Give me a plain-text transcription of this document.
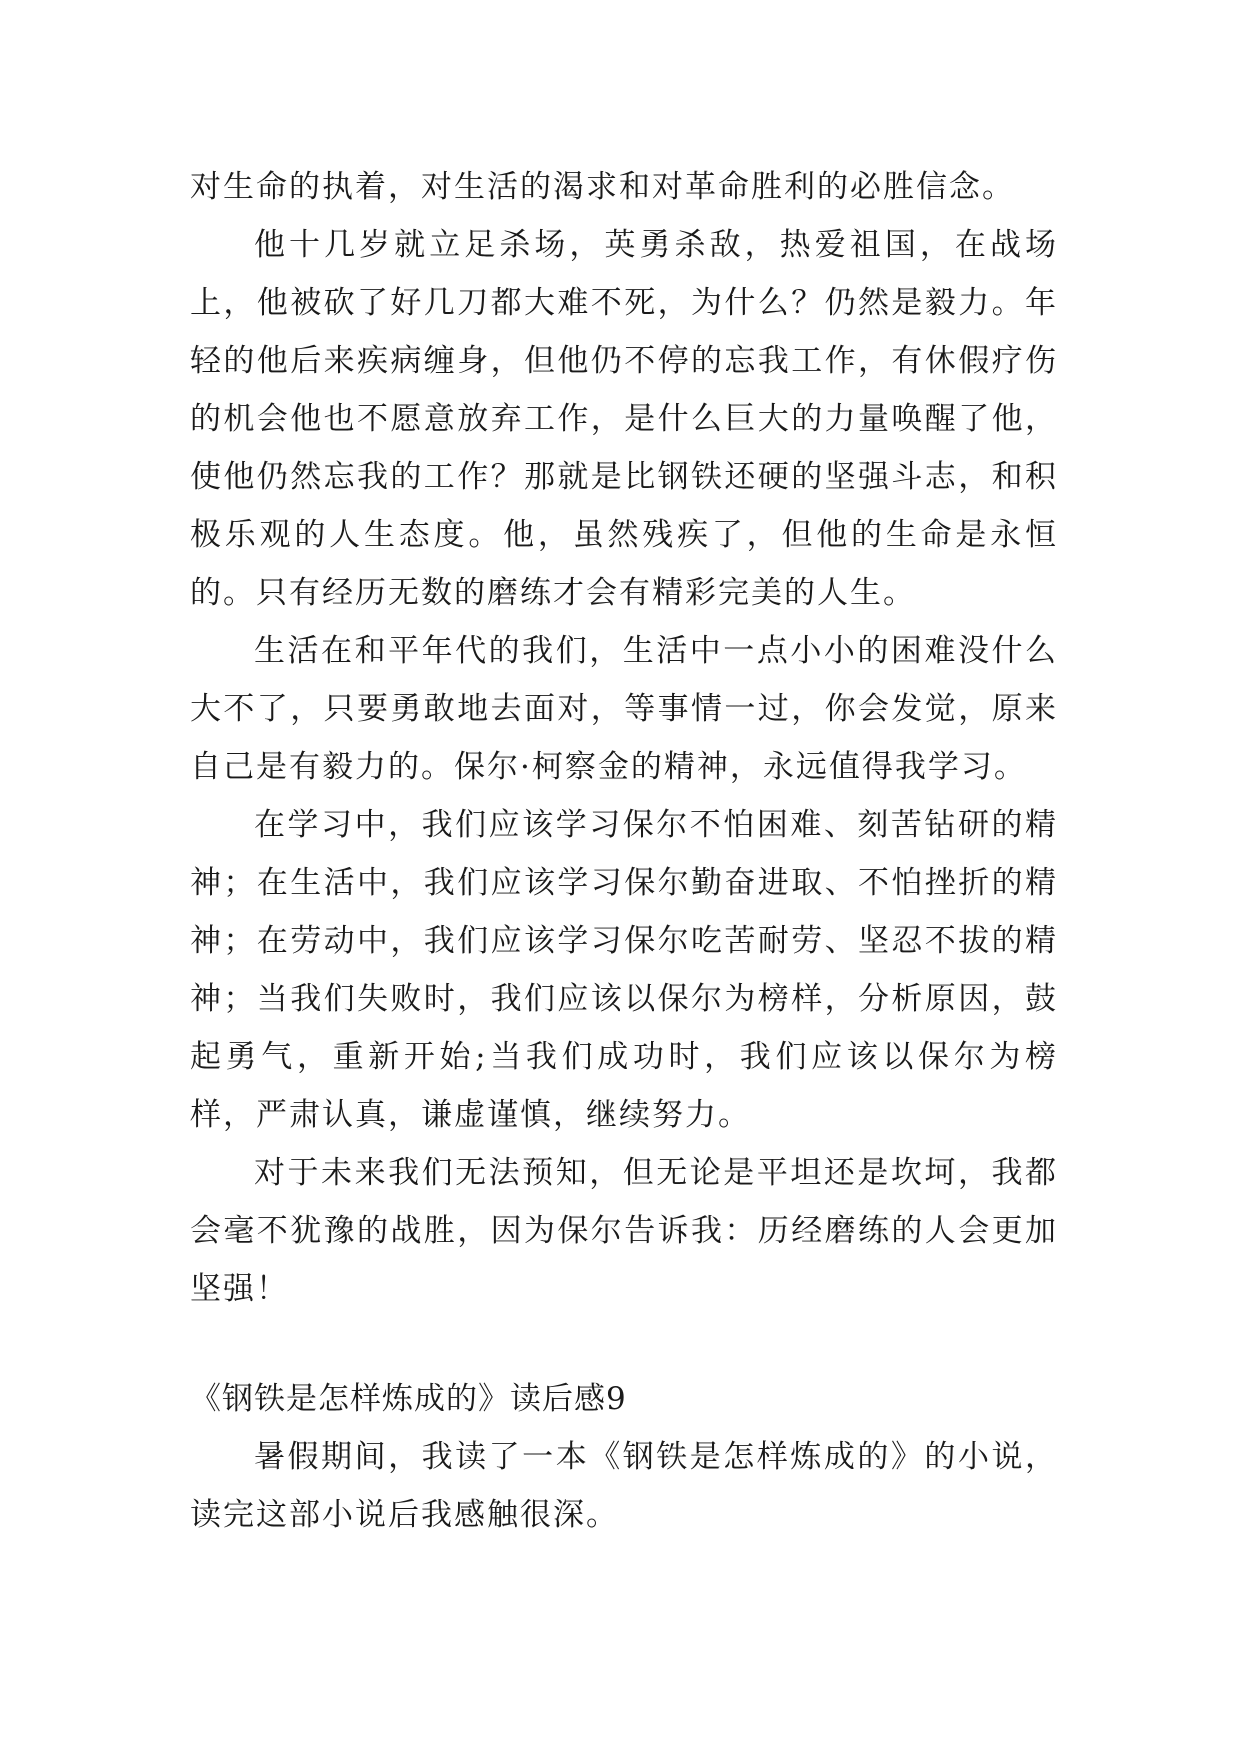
对生命的执着，对生活的渴求和对革命胜利的必胜信念。

他十几岁就立足杀场，英勇杀敌，热爱祖国，在战场上，他被砍了好几刀都大难不死，为什么？仍然是毅力。年轻的他后来疾病缠身，但他仍不停的忘我工作，有休假疗伤的机会他也不愿意放弃工作，是什么巨大的力量唤醒了他，使他仍然忘我的工作？那就是比钢铁还硬的坚强斗志，和积极乐观的人生态度。他，虽然残疾了，但他的生命是永恒的。只有经历无数的磨练才会有精彩完美的人生。

生活在和平年代的我们，生活中一点小小的困难没什么大不了，只要勇敢地去面对，等事情一过，你会发觉，原来自己是有毅力的。保尔·柯察金的精神，永远值得我学习。

在学习中，我们应该学习保尔不怕困难、刻苦钻研的精神；在生活中，我们应该学习保尔勤奋进取、不怕挫折的精神；在劳动中，我们应该学习保尔吃苦耐劳、坚忍不拔的精神；当我们失败时，我们应该以保尔为榜样，分析原因，鼓起勇气，重新开始;当我们成功时，我们应该以保尔为榜样，严肃认真，谦虚谨慎，继续努力。

对于未来我们无法预知，但无论是平坦还是坎坷，我都会毫不犹豫的战胜，因为保尔告诉我：历经磨练的人会更加坚强！

《钢铁是怎样炼成的》读后感9

暑假期间，我读了一本《钢铁是怎样炼成的》的小说，读完这部小说后我感触很深。
